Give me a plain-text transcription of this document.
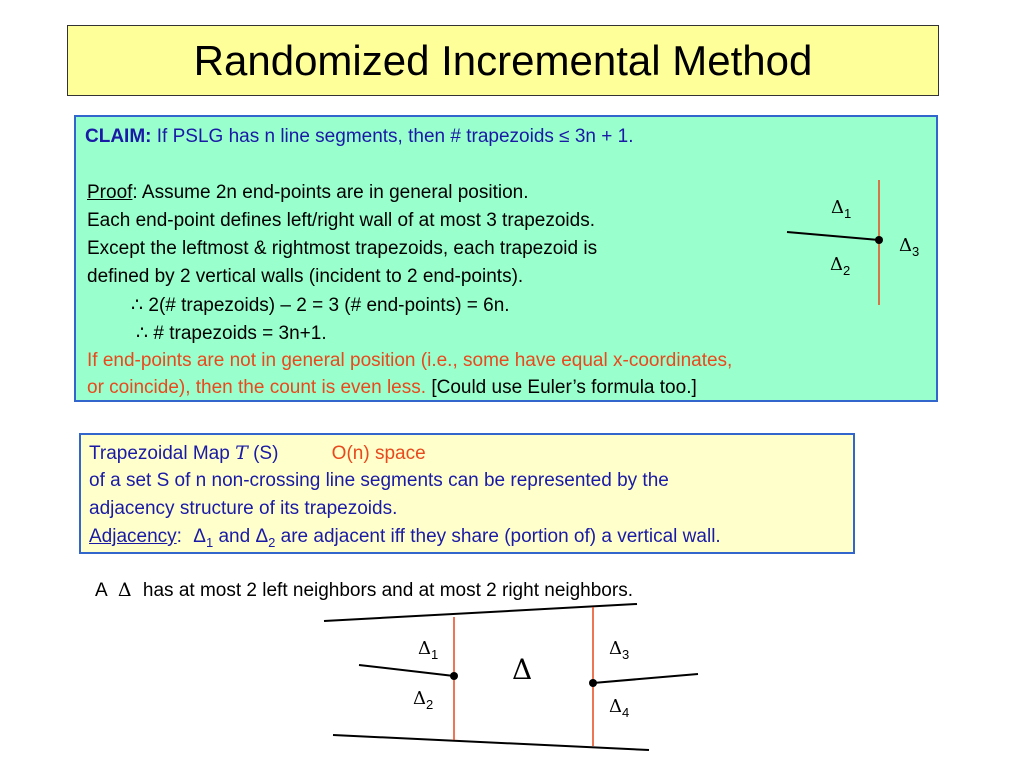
Randomized Incremental Method
CLAIM: If PSLG has n line segments, then # trapezoids ≤ 3n + 1.
Proof: Assume 2n end-points are in general position.
Each end-point defines left/right wall of at most 3 trapezoids.
Except the leftmost & rightmost trapezoids, each trapezoid is
defined by 2 vertical walls (incident to 2 end-points).
∴ 2(# trapezoids) – 2 = 3 (# end-points) = 6n.
∴ # trapezoids = 3n+1.
If end-points are not in general position (i.e., some have equal x-coordinates,
or coincide), then the count is even less. [Could use Euler’s formula too.]
Δ 1
Δ 2
Δ 3
Trapezoidal Map T (S)	O(n) space
of a set S of n non-crossing line segments can be represented by the
adjacency structure of its trapezoids.
Adjacency: $\Delta_1$ and $\Delta_2$ are adjacent iff they share (portion of) a vertical wall.
A Δ has at most 2 left neighbors and at most 2 right neighbors.
Δ 1
Δ 2
Δ 3
Δ 4
Δ
